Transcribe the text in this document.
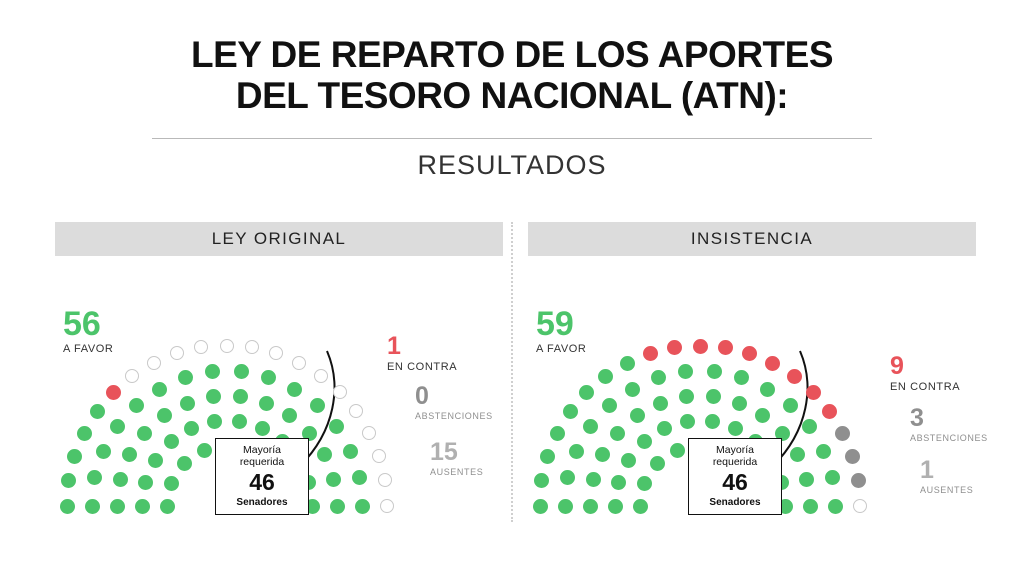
LEY DE REPARTO DE LOS APORTES
DEL TESORO NACIONAL (ATN):
RESULTADOS
LEY ORIGINAL
56
A FAVOR	1
EN CONTRA
0
ABSTENCIONES
15
AUSENTES
Mayoría
requerida
46
Senadores
INSISTENCIA
59
A FAVOR
9
EN CONTRA
3
ABSTENCIONES
1
AUSENTES
Mayoría
requerida
46
Senadores
